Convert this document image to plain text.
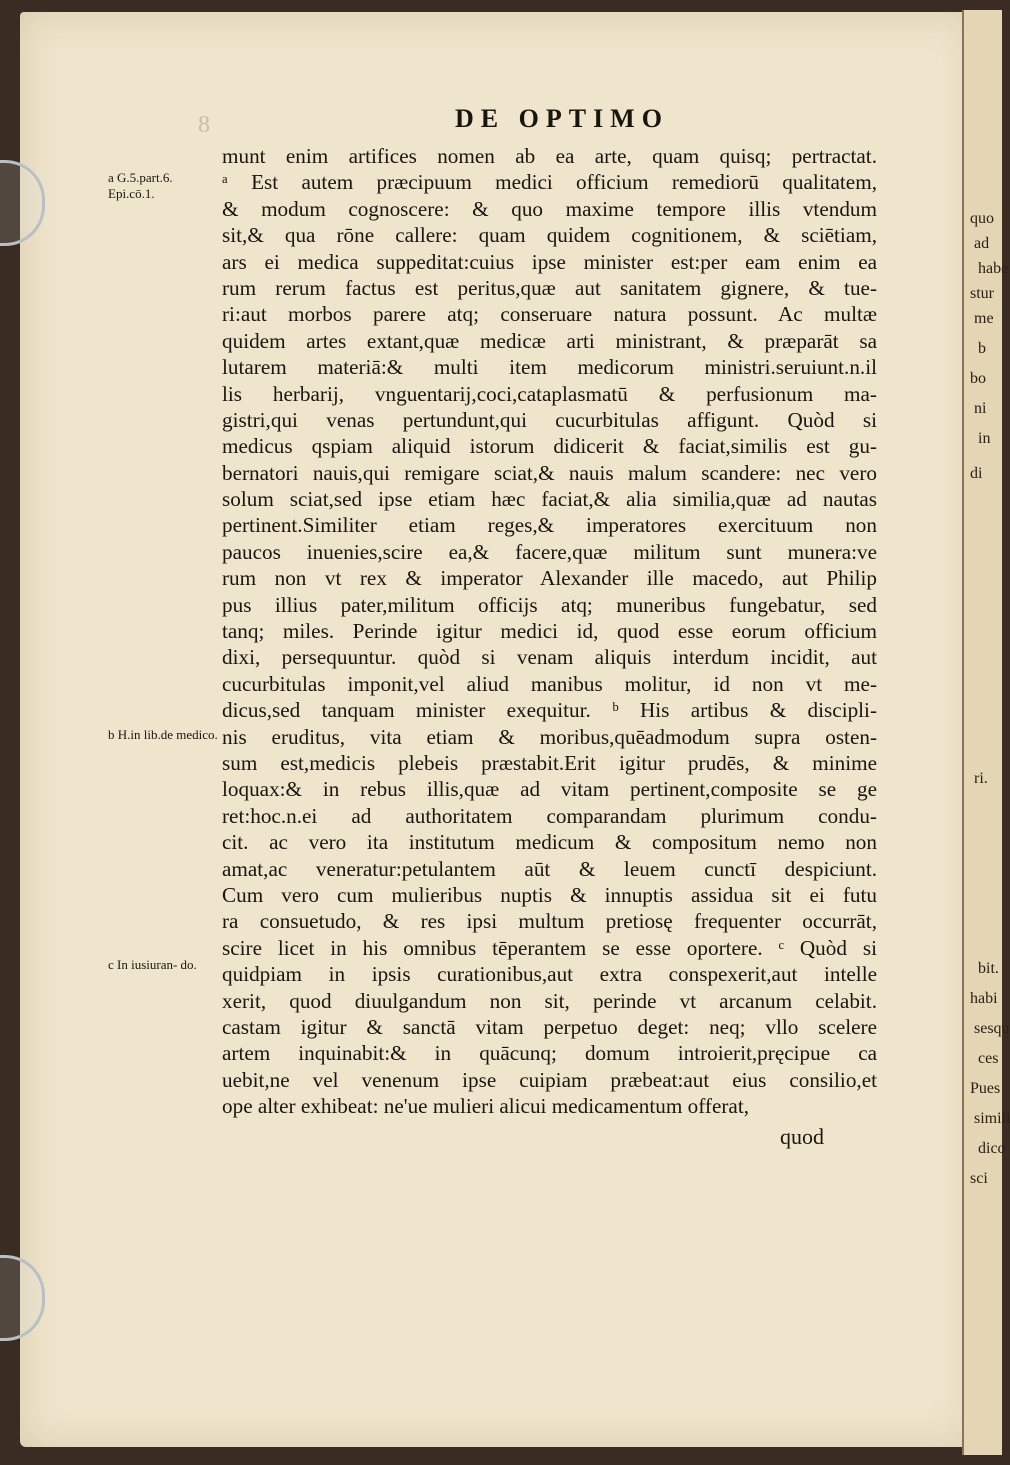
quo
ad
habe
stur
me
b
bo
ni
in
di
ri.
bit.
habi
sesqu
ces
Pues
simili
dico
sci
8	DE OPTIMO
munt enim artifices nomen ab ea arte, quam quisq; pertractat.
ᵃ Est autem præcipuum medici officium remediorū qualitatem,
& modum cognoscere: & quo maxime tempore illis vtendum
sit,& qua rōne callere: quam quidem cognitionem, & sciētiam,
ars ei medica suppeditat:cuius ipse minister est:per eam enim ea
rum rerum factus est peritus,quæ aut sanitatem gignere, & tue-
ri:aut morbos parere atq; conseruare natura possunt. Ac multæ
quidem artes extant,quæ medicæ arti ministrant, & præparāt sa
lutarem materiā:& multi item medicorum ministri.seruiunt.n.il
lis herbarij, vnguentarij,coci,cataplasmatū & perfusionum ma-
gistri,qui venas pertundunt,qui cucurbitulas affigunt. Quòd si
medicus qspiam aliquid istorum didicerit & faciat,similis est gu-
bernatori nauis,qui remigare sciat,& nauis malum scandere: nec vero
solum sciat,sed ipse etiam hæc faciat,& alia similia,quæ ad nautas
pertinent.Similiter etiam reges,& imperatores exercituum non
paucos inuenies,scire ea,& facere,quæ militum sunt munera:ve
rum non vt rex & imperator Alexander ille macedo, aut Philip
pus illius pater,militum officijs atq; muneribus fungebatur, sed
tanq; miles. Perinde igitur medici id, quod esse eorum officium
dixi, persequuntur. quòd si venam aliquis interdum incidit, aut
cucurbitulas imponit,vel aliud manibus molitur, id non vt me-
dicus,sed tanquam minister exequitur. ᵇ His artibus & discipli-
nis eruditus, vita etiam & moribus,quēadmodum supra osten-
sum est,medicis plebeis præstabit.Erit igitur prudēs, & minime
loquax:& in rebus illis,quæ ad vitam pertinent,composite se ge
ret:hoc.n.ei ad authoritatem comparandam plurimum condu-
cit. ac vero ita institutum medicum & compositum nemo non
amat,ac veneratur:petulantem aūt & leuem cunctī despiciunt.
Cum vero cum mulieribus nuptis & innuptis assidua sit ei futu
ra consuetudo, & res ipsi multum pretiosę frequenter occurrāt,
scire licet in his omnibus tēperantem se esse oportere. ᶜ Quòd si
quidpiam in ipsis curationibus,aut extra conspexerit,aut intelle
xerit, quod diuulgandum non sit, perinde vt arcanum celabit.
castam igitur & sanctā vitam perpetuo deget: neq; vllo scelere
artem inquinabit:& in quācunq; domum introierit,pręcipue ca
uebit,ne vel venenum ipse cuipiam præbeat:aut eius consilio,et
ope alter exhibeat: ne'ue mulieri alicui medicamentum offerat,
quod
a G.5.part.6. Epi.cō.1.
b H.in lib.de medico.
c In iusiuran- do.
